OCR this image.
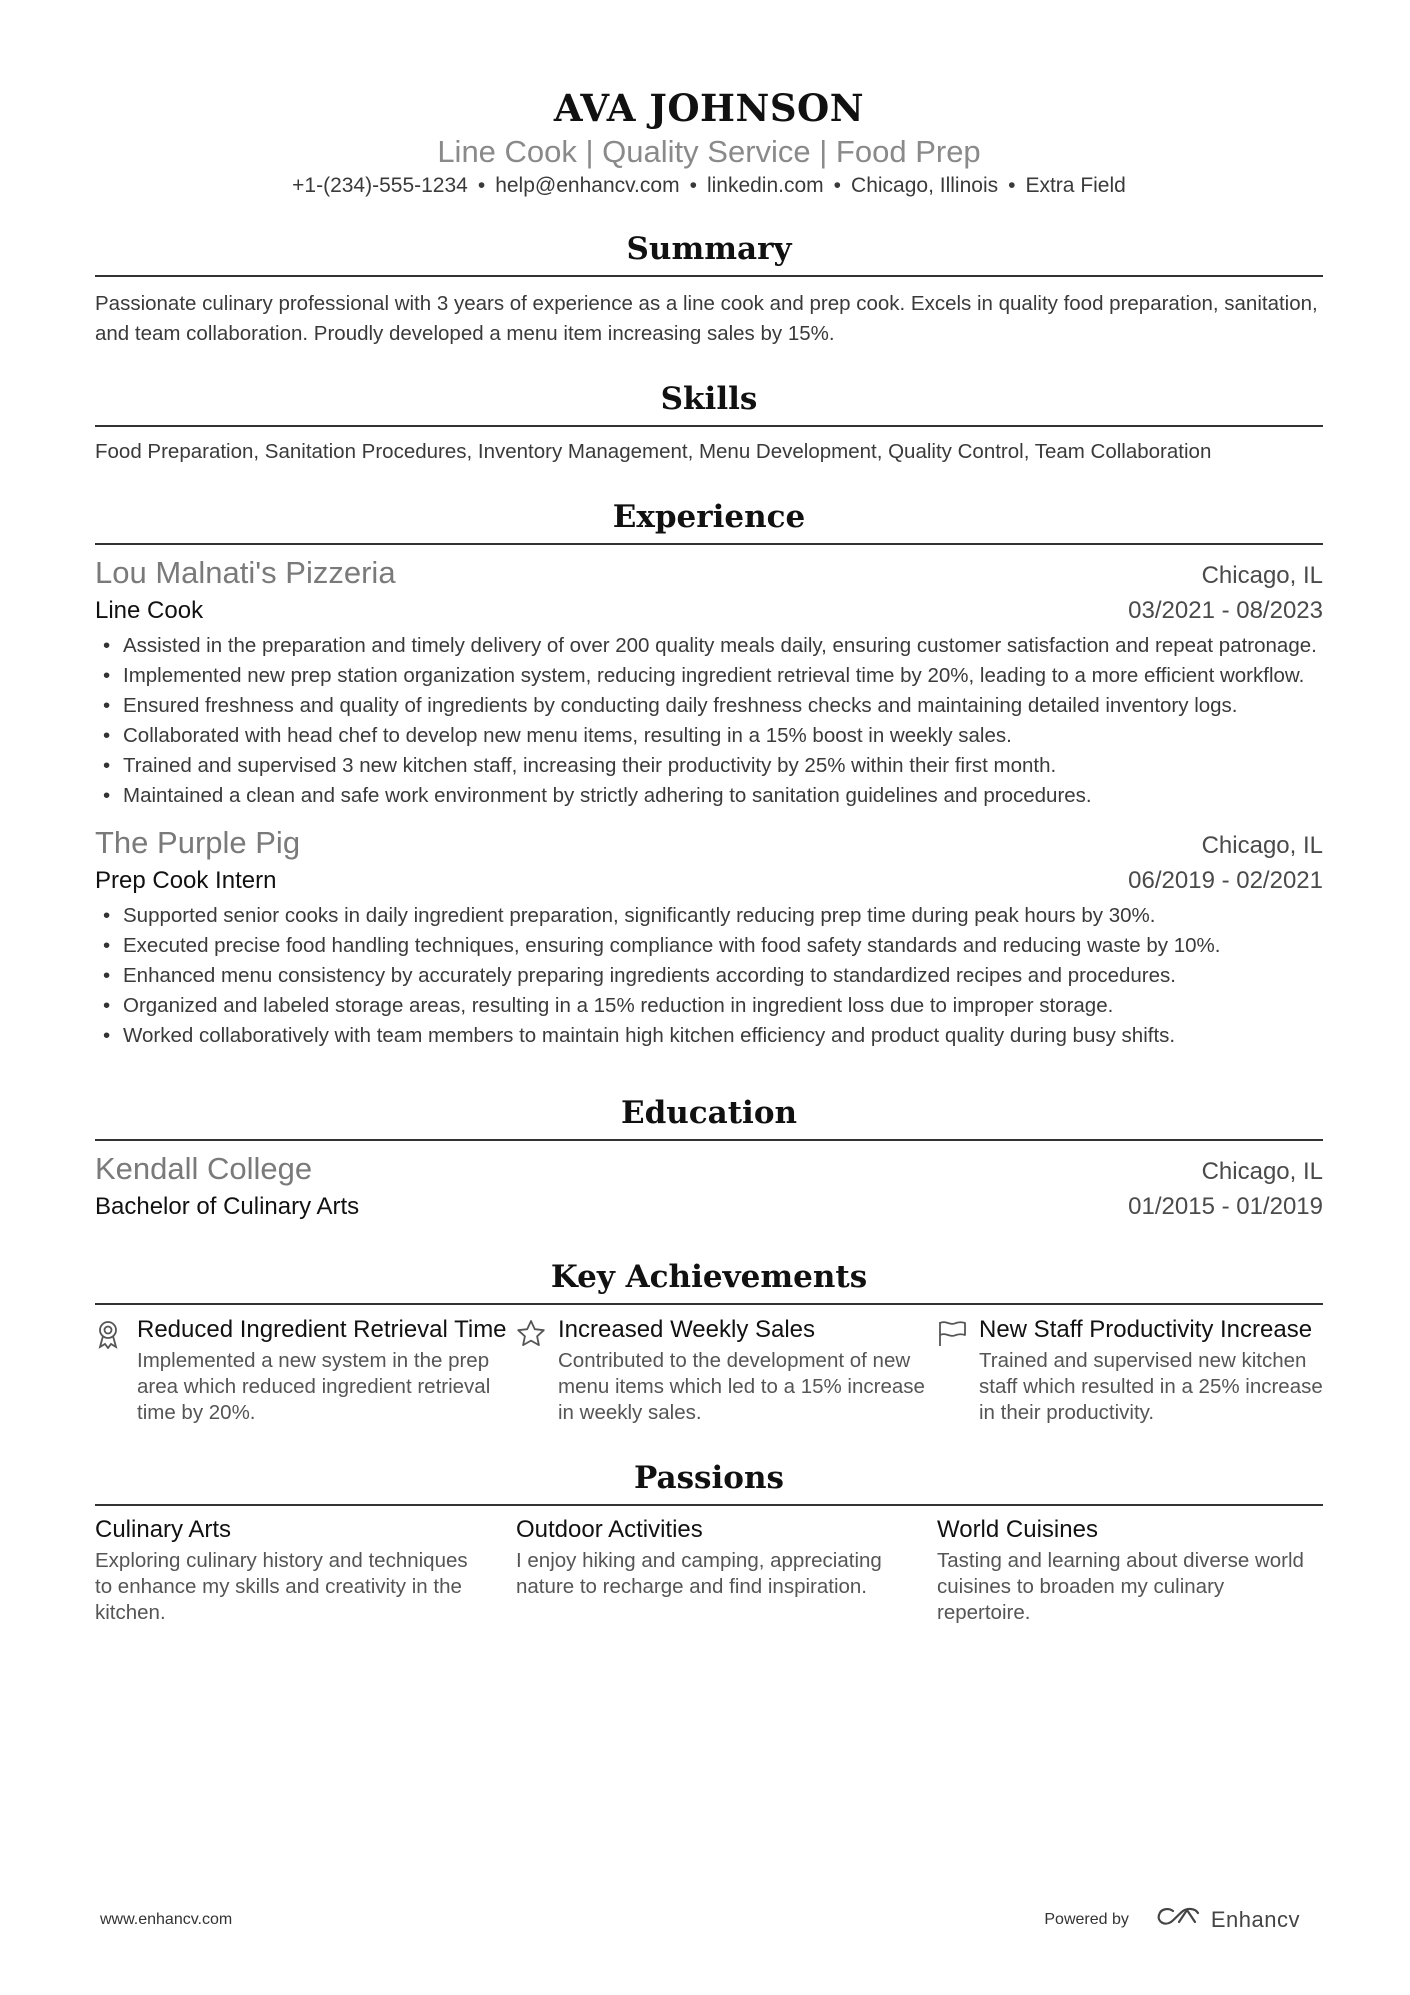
AVA JOHNSON
Line Cook | Quality Service | Food Prep
+1-(234)-555-1234 • help@enhancv.com • linkedin.com • Chicago, Illinois • Extra Field
Summary
Passionate culinary professional with 3 years of experience as a line cook and prep cook. Excels in quality food preparation, sanitation, and team collaboration. Proudly developed a menu item increasing sales by 15%.
Skills
Food Preparation, Sanitation Procedures, Inventory Management, Menu Development, Quality Control, Team Collaboration
Experience
Lou Malnati's Pizzeria	Chicago, IL
Line Cook	03/2021 - 08/2023
• Assisted in the preparation and timely delivery of over 200 quality meals daily, ensuring customer satisfaction and repeat patronage.
• Implemented new prep station organization system, reducing ingredient retrieval time by 20%, leading to a more efficient workflow.
• Ensured freshness and quality of ingredients by conducting daily freshness checks and maintaining detailed inventory logs.
• Collaborated with head chef to develop new menu items, resulting in a 15% boost in weekly sales.
• Trained and supervised 3 new kitchen staff, increasing their productivity by 25% within their first month.
• Maintained a clean and safe work environment by strictly adhering to sanitation guidelines and procedures.
The Purple Pig	Chicago, IL
Prep Cook Intern	06/2019 - 02/2021
• Supported senior cooks in daily ingredient preparation, significantly reducing prep time during peak hours by 30%.
• Executed precise food handling techniques, ensuring compliance with food safety standards and reducing waste by 10%.
• Enhanced menu consistency by accurately preparing ingredients according to standardized recipes and procedures.
• Organized and labeled storage areas, resulting in a 15% reduction in ingredient loss due to improper storage.
• Worked collaboratively with team members to maintain high kitchen efficiency and product quality during busy shifts.
Education
Kendall College	Chicago, IL
Bachelor of Culinary Arts	01/2015 - 01/2019
Key Achievements
Reduced Ingredient Retrieval Time
Implemented a new system in the prep area which reduced ingredient retrieval time by 20%.
Increased Weekly Sales
Contributed to the development of new menu items which led to a 15% increase in weekly sales.
New Staff Productivity Increase
Trained and supervised new kitchen staff which resulted in a 25% increase in their productivity.
Passions
Culinary Arts
Exploring culinary history and techniques to enhance my skills and creativity in the kitchen.
Outdoor Activities
I enjoy hiking and camping, appreciating nature to recharge and find inspiration.
World Cuisines
Tasting and learning about diverse world cuisines to broaden my culinary repertoire.
www.enhancv.com	Powered by	Enhancv
